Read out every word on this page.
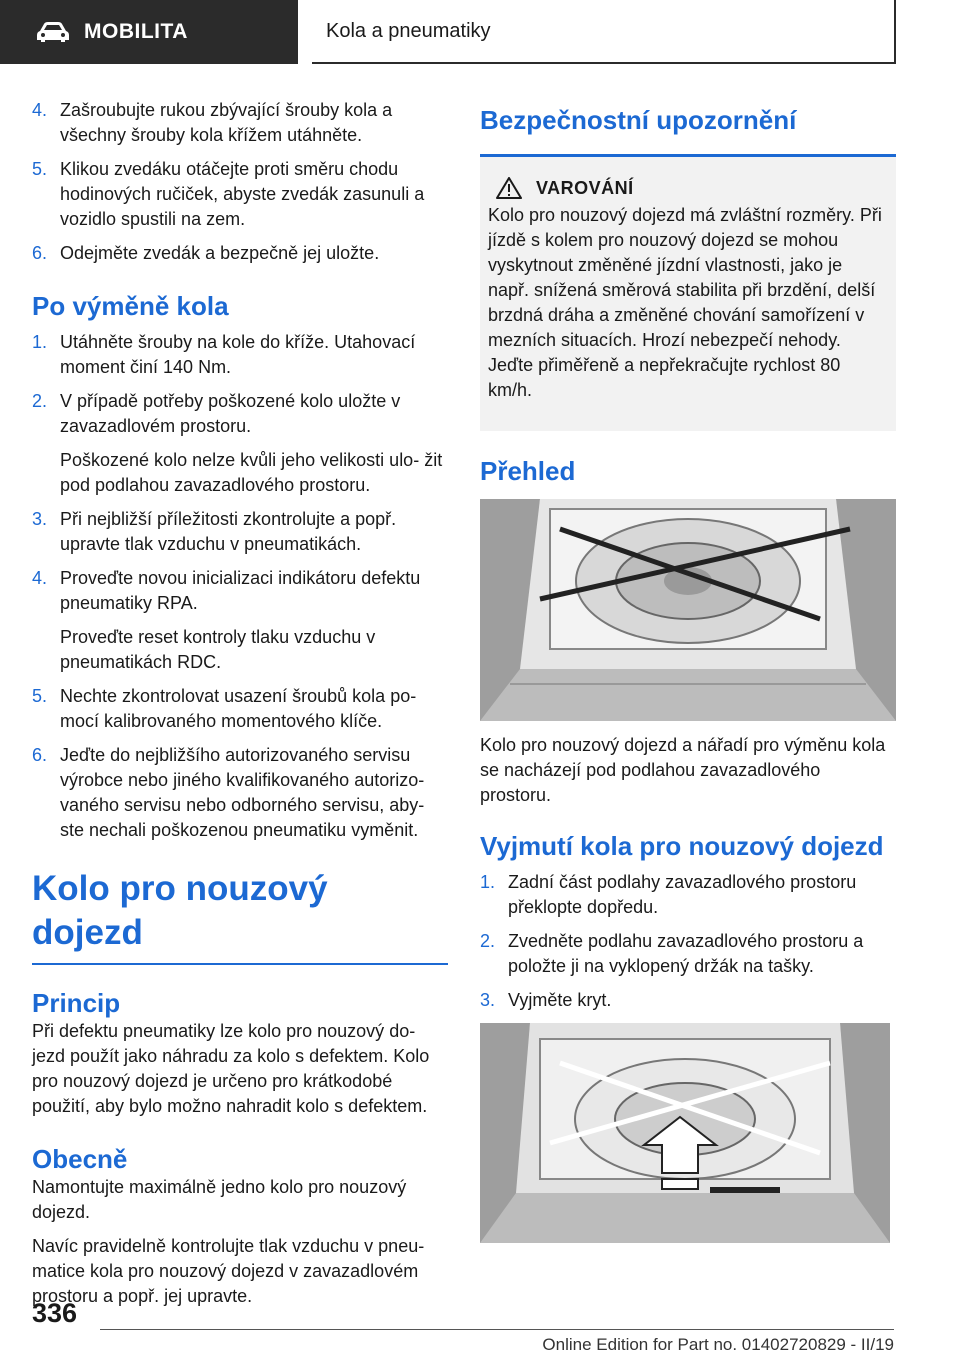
MOBILITA	Kola a pneumatiky
4. Zašroubujte rukou zbývající šrouby kola a všechny šrouby kola křížem utáhněte.

5. Klikou zvedáku otáčejte proti směru chodu hodinových ručiček, abyste zvedák zasunuli a vozidlo spustili na zem.

6. Odejměte zvedák a bezpečně jej uložte.

Po výměně kola
1. Utáhněte šrouby na kole do kříže. Utahovací moment činí 140 Nm.

2. V případě potřeby poškozené kolo uložte v zavazadlovém prostoru.

Poškozené kolo nelze kvůli jeho velikosti ulo- žit pod podlahou zavazadlového prostoru.

3. Při nejbližší příležitosti zkontrolujte a popř. upravte tlak vzduchu v pneumatikách.

4. Proveďte novou inicializaci indikátoru defektu pneumatiky RPA.

Proveďte reset kontroly tlaku vzduchu v pneumatikách RDC.

5. Nechte zkontrolovat usazení šroubů kola po- mocí kalibrovaného momentového klíče.

6. Jeďte do nejbližšího autorizovaného servisu výrobce nebo jiného kvalifikovaného autorizo- vaného servisu nebo odborného servisu, aby- ste nechali poškozenou pneumatiku vyměnit.

Kolo pro nouzový dojezd
Princip

Při defektu pneumatiky lze kolo pro nouzový do- jezd použít jako náhradu za kolo s defektem. Kolo pro nouzový dojezd je určeno pro krátkodobé použití, aby bylo možno nahradit kolo s defektem.

Obecně

Namontujte maximálně jedno kolo pro nouzový dojezd.

Navíc pravidelně kontrolujte tlak vzduchu v pneu- matice kola pro nouzový dojezd v zavazadlovém prostoru a popř. jej upravte.

Bezpečnostní upozornění
VAROVÁNÍ

Kolo pro nouzový dojezd má zvláštní rozměry. Při jízdě s kolem pro nouzový dojezd se mohou vyskytnout změněné jízdní vlastnosti, jako je např. snížená směrová stabilita při brzdění, delší brzdná dráha a změněné chování samořízení v mezních situacích. Hrozí nebezpečí nehody. Jeďte přiměřeně a nepřekračujte rychlost 80 km/h.

Přehled

Kolo pro nouzový dojezd a nářadí pro výměnu kola se nacházejí pod podlahou zavazadlového prostoru.

Vyjmutí kola pro nouzový dojezd
1. Zadní část podlahy zavazadlového prostoru překlopte dopředu.

2. Zvedněte podlahu zavazadlového prostoru a položte ji na vyklopený držák na tašky.

3. Vyjměte kryt.

336
Online Edition for Part no. 01402720829 - II/19
